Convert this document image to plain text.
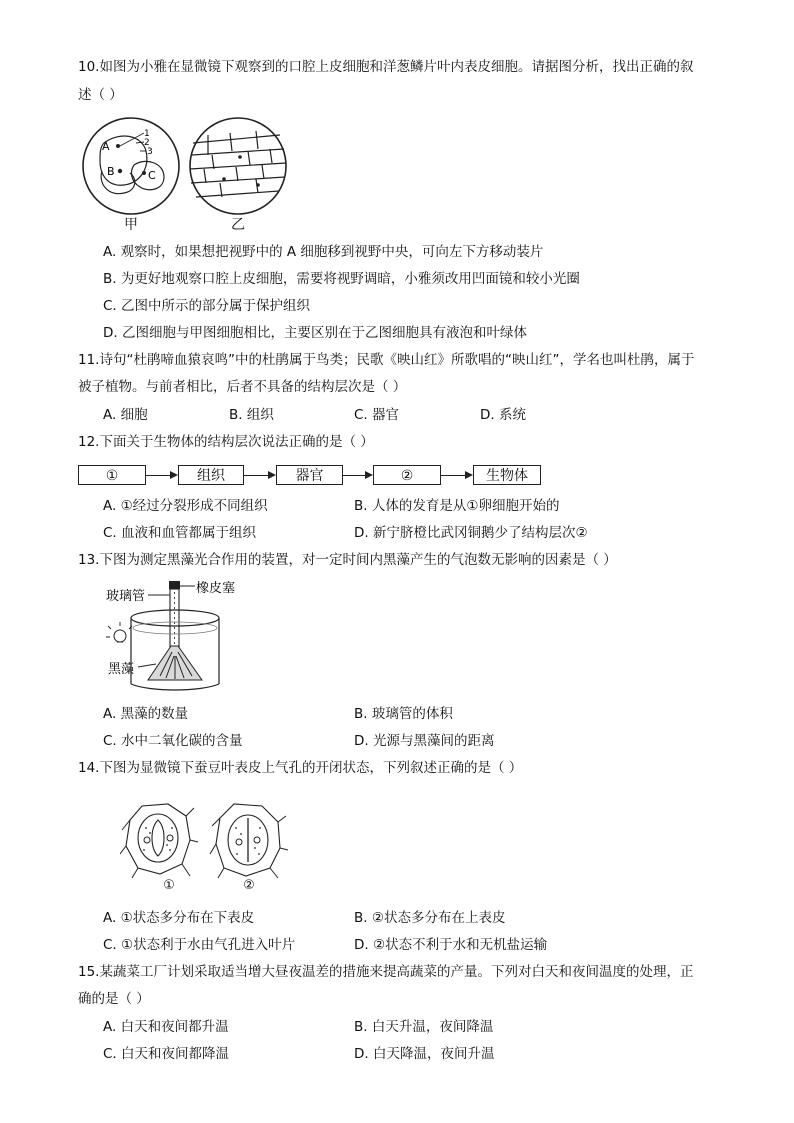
10.如图为小雅在显微镜下观察到的口腔上皮细胞和洋葱鳞片叶内表皮细胞。请据图分析，找出正确的叙
述（ ）
A
B	C
1
2
3
甲	乙
A. 观察时，如果想把视野中的 A 细胞移到视野中央，可向左下方移动装片
B. 为更好地观察口腔上皮细胞，需要将视野调暗，小雅须改用凹面镜和较小光圈
C. 乙图中所示的部分属于保护组织
D. 乙图细胞与甲图细胞相比，主要区别在于乙图细胞具有液泡和叶绿体
11.诗句“杜鹃啼血猿哀鸣”中的杜鹃属于鸟类；民歌《映山红》所歌唱的“映山红”，学名也叫杜鹃，属于
被子植物。与前者相比，后者不具备的结构层次是（ ）
A. 细胞	B. 组织	C. 器官	D. 系统
12.下面关于生物体的结构层次说法正确的是（ ）
①	组织	器官	②	生物体
A. ①经过分裂形成不同组织	B. 人体的发育是从①卵细胞开始的
C. 血液和血管都属于组织	D. 新宁脐橙比武冈铜鹅少了结构层次②
13.下图为测定黑藻光合作用的装置，对一定时间内黑藻产生的气泡数无影响的因素是（ ）
玻璃管
橡皮塞
黑藻
A. 黑藻的数量	B. 玻璃管的体积
C. 水中二氧化碳的含量	D. 光源与黑藻间的距离
14.下图为显微镜下蚕豆叶表皮上气孔的开闭状态，下列叙述正确的是（ ）
①	②
A. ①状态多分布在下表皮	B. ②状态多分布在上表皮
C. ①状态利于水由气孔进入叶片	D. ②状态不利于水和无机盐运输
15.某蔬菜工厂计划采取适当增大昼夜温差的措施来提高蔬菜的产量。下列对白天和夜间温度的处理，正
确的是（ ）
A. 白天和夜间都升温	B. 白天升温，夜间降温
C. 白天和夜间都降温	D. 白天降温，夜间升温
